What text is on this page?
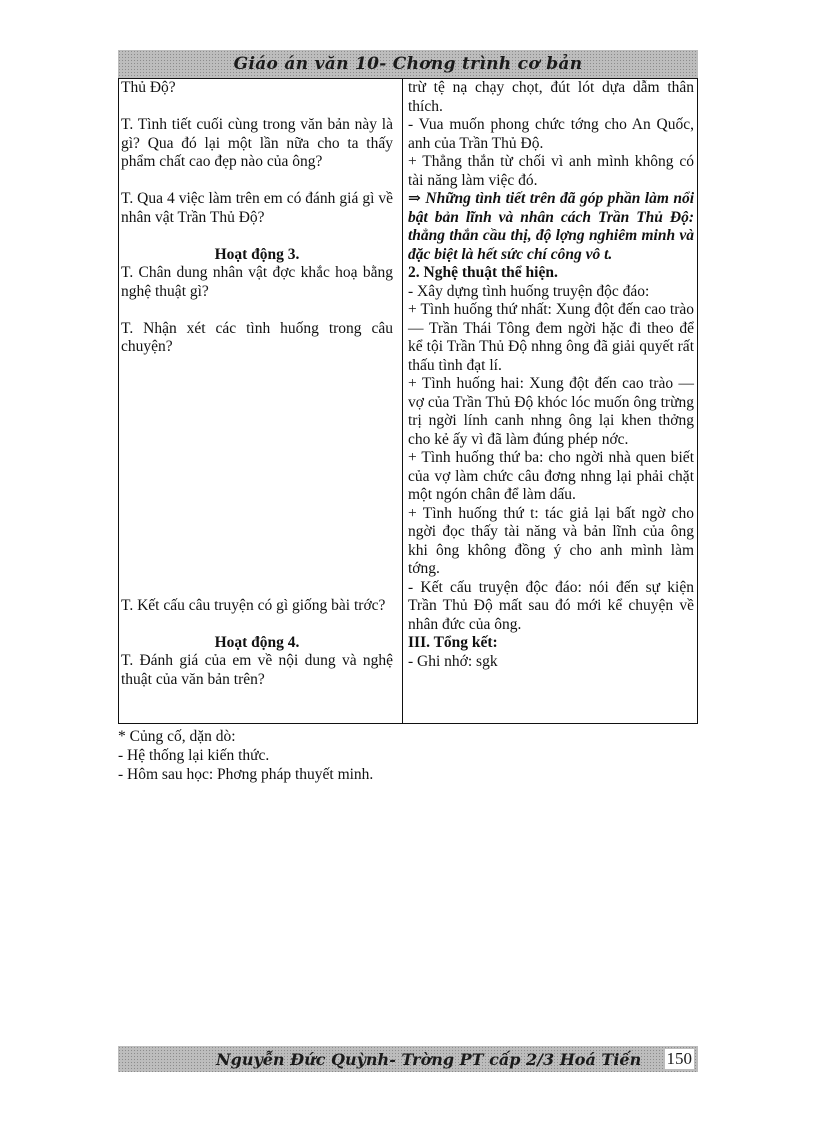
Giáo án văn 10- Chơng trình cơ bản

Thủ Độ?

T. Tình tiết cuối cùng trong văn bản này là gì? Qua đó lại một lần nữa cho ta thấy phẩm chất cao đẹp nào của ông?

T. Qua 4 việc làm trên em có đánh giá gì về nhân vật Trần Thủ Độ?

Hoạt động 3.

T. Chân dung nhân vật đợc khắc hoạ bằng nghệ thuật gì?

T. Nhận xét các tình huống trong câu chuyện?

T. Kết cấu câu truyện có gì giống bài trớc?

Hoạt động 4.

T. Đánh giá của em về nội dung và nghệ thuật của văn bản trên?

trừ tệ nạ chạy chọt, đút lót dựa dẫm thân thích.

- Vua muốn phong chức tớng cho An Quốc, anh của Trần Thủ Độ.

+ Thẳng thắn từ chối vì anh mình không có tài năng làm việc đó.

⇒ Những tình tiết trên đã góp phần làm nổi bật bản lĩnh và nhân cách Trần Thủ Độ: thẳng thắn cầu thị, độ lợng nghiêm minh và đặc biệt là hết sức chí công vô t.

2. Nghệ thuật thể hiện.

- Xây dựng tình huống truyện độc đáo:

+ Tình huống thứ nhất: Xung đột đến cao trào — Trần Thái Tông đem ngời hặc đi theo để kể tội Trần Thủ Độ nhng ông đã giải quyết rất thấu tình đạt lí.

+ Tình huống hai: Xung đột đến cao trào — vợ của Trần Thủ Độ khóc lóc muốn ông trừng trị ngời lính canh nhng ông lại khen thởng cho kẻ ấy vì đã làm đúng phép nớc.

+ Tình huống thứ ba: cho ngời nhà quen biết của vợ làm chức câu đơng nhng lại phải chặt một ngón chân để làm dấu.

+ Tình huống thứ t: tác giả lại bất ngờ cho ngời đọc thấy tài năng và bản lĩnh của ông khi ông không đồng ý cho anh mình làm tớng.

- Kết cấu truyện độc đáo: nói đến sự kiện Trần Thủ Độ mất sau đó mới kể chuyện về nhân đức của ông.

III. Tổng kết:

- Ghi nhớ: sgk

* Củng cố, dặn dò:
- Hệ thống lại kiến thức.
- Hôm sau học: Phơng pháp thuyết minh.
Nguyễn Đức Quỳnh- Trờng PT cấp 2/3 Hoá Tiến	150
